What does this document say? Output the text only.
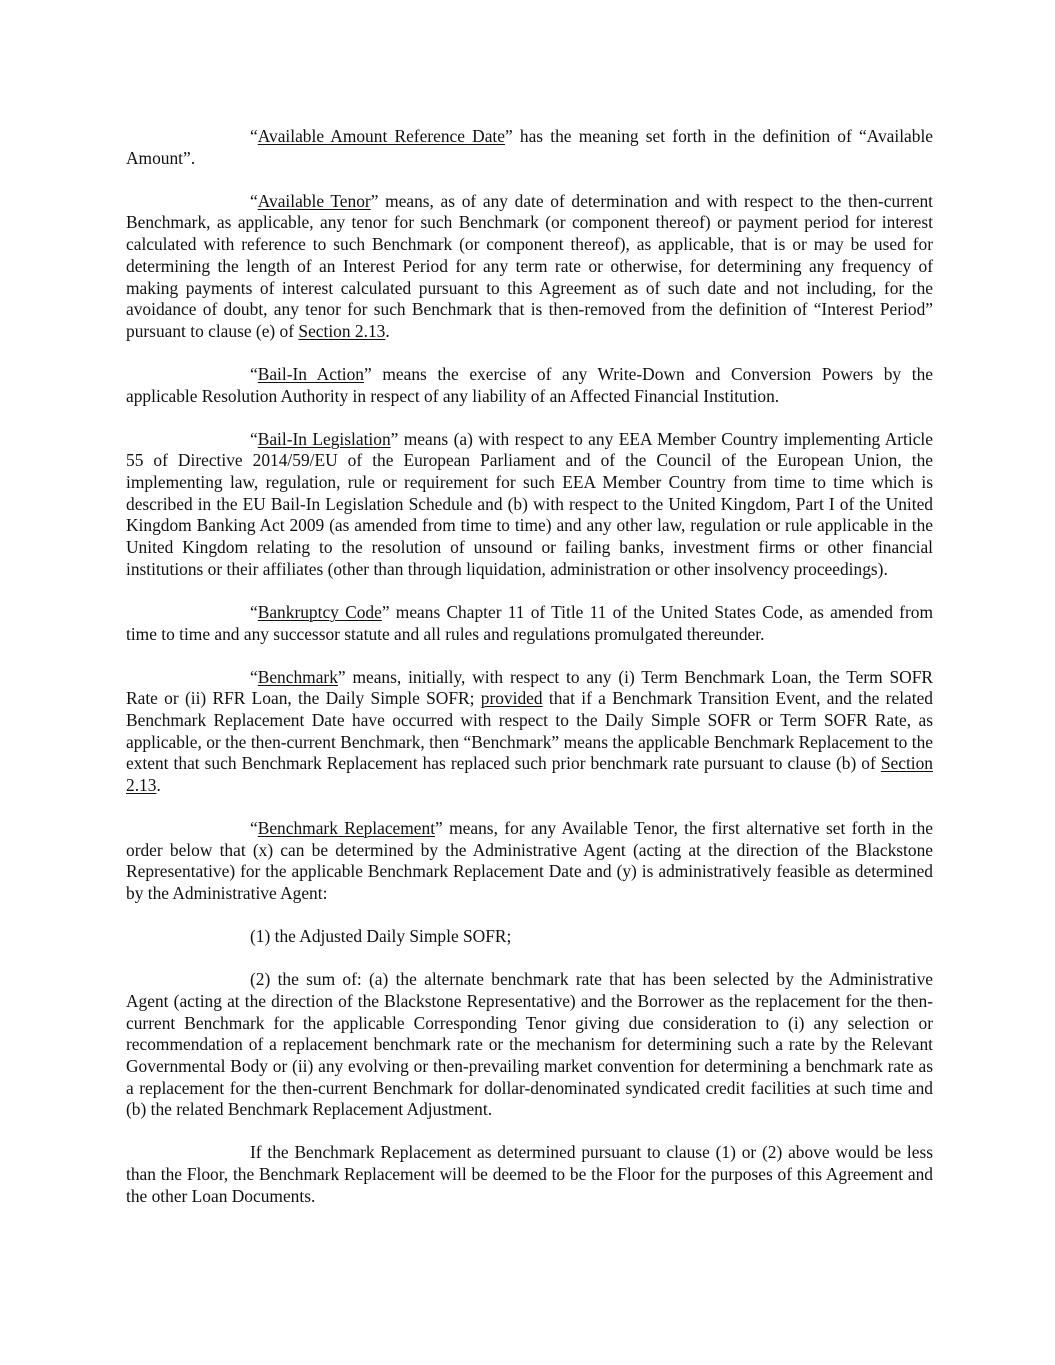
“Available Amount Reference Date” has the meaning set forth in the definition of “Available Amount”.

“Available Tenor” means, as of any date of determination and with respect to the then-current Benchmark, as applicable, any tenor for such Benchmark (or component thereof) or payment period for interest calculated with reference to such Benchmark (or component thereof), as applicable, that is or may be used for determining the length of an Interest Period for any term rate or otherwise, for determining any frequency of making payments of interest calculated pursuant to this Agreement as of such date and not including, for the avoidance of doubt, any tenor for such Benchmark that is then-removed from the definition of “Interest Period” pursuant to clause (e) of Section 2.13.

“Bail-In Action” means the exercise of any Write-Down and Conversion Powers by the applicable Resolution Authority in respect of any liability of an Affected Financial Institution.

“Bail-In Legislation” means (a) with respect to any EEA Member Country implementing Article 55 of Directive 2014/59/EU of the European Parliament and of the Council of the European Union, the implementing law, regulation, rule or requirement for such EEA Member Country from time to time which is described in the EU Bail-In Legislation Schedule and (b) with respect to the United Kingdom, Part I of the United Kingdom Banking Act 2009 (as amended from time to time) and any other law, regulation or rule applicable in the United Kingdom relating to the resolution of unsound or failing banks, investment firms or other financial institutions or their affiliates (other than through liquidation, administration or other insolvency proceedings).

“Bankruptcy Code” means Chapter 11 of Title 11 of the United States Code, as amended from time to time and any successor statute and all rules and regulations promulgated thereunder.

“Benchmark” means, initially, with respect to any (i) Term Benchmark Loan, the Term SOFR Rate or (ii) RFR Loan, the Daily Simple SOFR; provided that if a Benchmark Transition Event, and the related Benchmark Replacement Date have occurred with respect to the Daily Simple SOFR or Term SOFR Rate, as applicable, or the then-current Benchmark, then “Benchmark” means the applicable Benchmark Replacement to the extent that such Benchmark Replacement has replaced such prior benchmark rate pursuant to clause (b) of Section 2.13.

“Benchmark Replacement” means, for any Available Tenor, the first alternative set forth in the order below that (x) can be determined by the Administrative Agent (acting at the direction of the Blackstone Representative) for the applicable Benchmark Replacement Date and (y) is administratively feasible as determined by the Administrative Agent:

(1) the Adjusted Daily Simple SOFR;

(2) the sum of: (a) the alternate benchmark rate that has been selected by the Administrative Agent (acting at the direction of the Blackstone Representative) and the Borrower as the replacement for the then-current Benchmark for the applicable Corresponding Tenor giving due consideration to (i) any selection or recommendation of a replacement benchmark rate or the mechanism for determining such a rate by the Relevant Governmental Body or (ii) any evolving or then-prevailing market convention for determining a benchmark rate as a replacement for the then-current Benchmark for dollar-denominated syndicated credit facilities at such time and (b) the related Benchmark Replacement Adjustment.

If the Benchmark Replacement as determined pursuant to clause (1) or (2) above would be less than the Floor, the Benchmark Replacement will be deemed to be the Floor for the purposes of this Agreement and the other Loan Documents.
